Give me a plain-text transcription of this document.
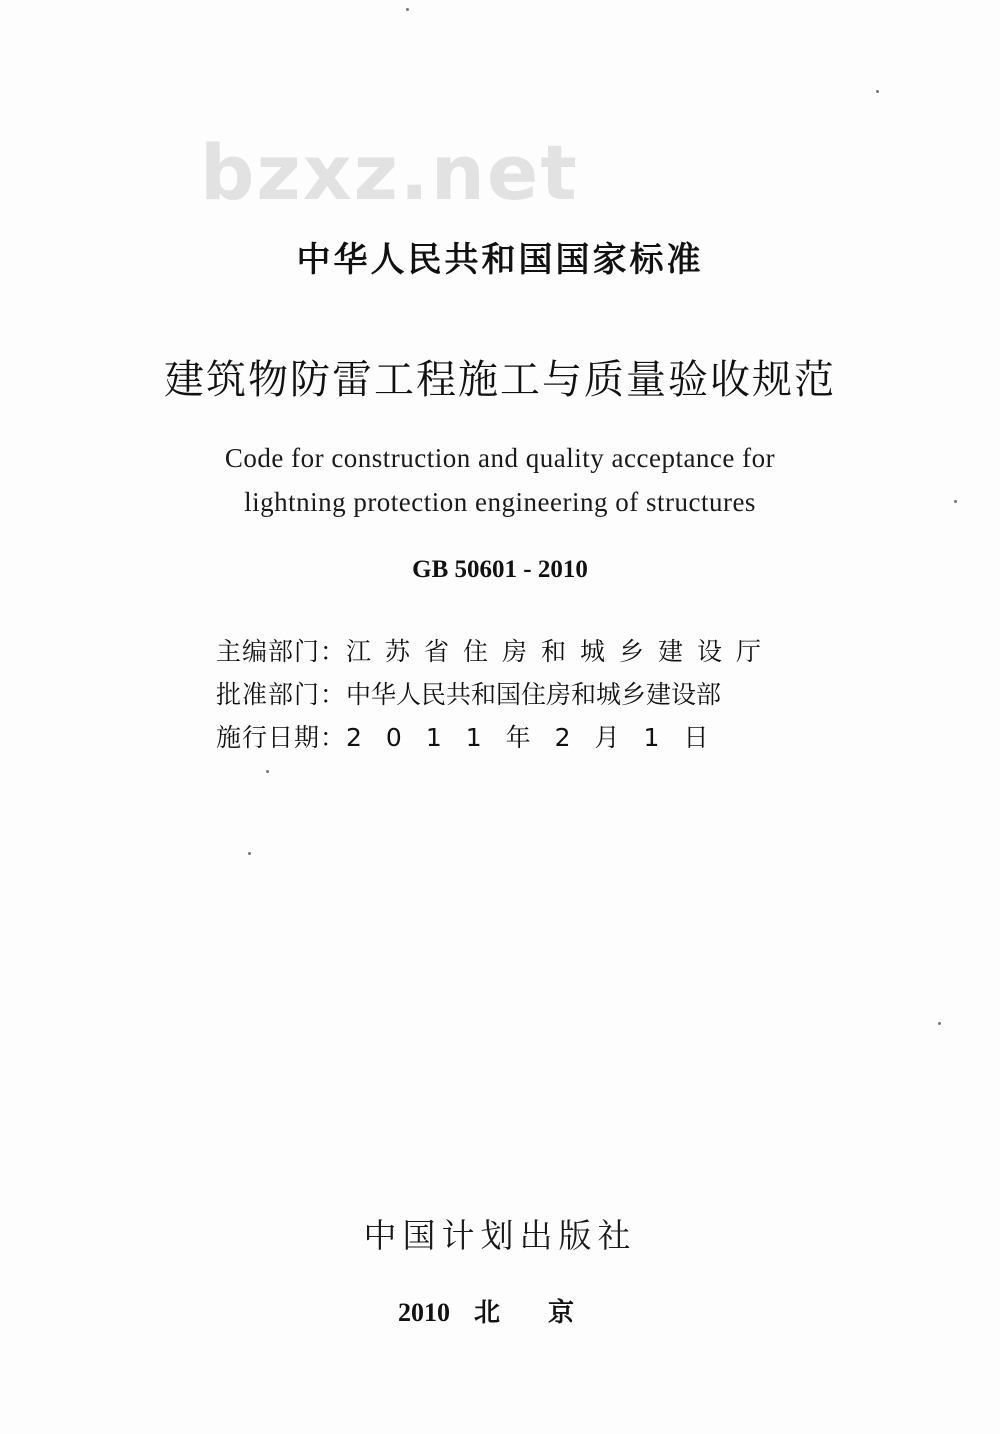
bzxz.net
中华人民共和国国家标准
建筑物防雷工程施工与质量验收规范
Code for construction and quality acceptance for
lightning protection engineering of structures
GB 50601 - 2010
主编部门：江苏省住房和城乡建设厅
批准部门：中华人民共和国住房和城乡建设部
施行日期：2011年2月1日
中国计划出版社
2010 北京
